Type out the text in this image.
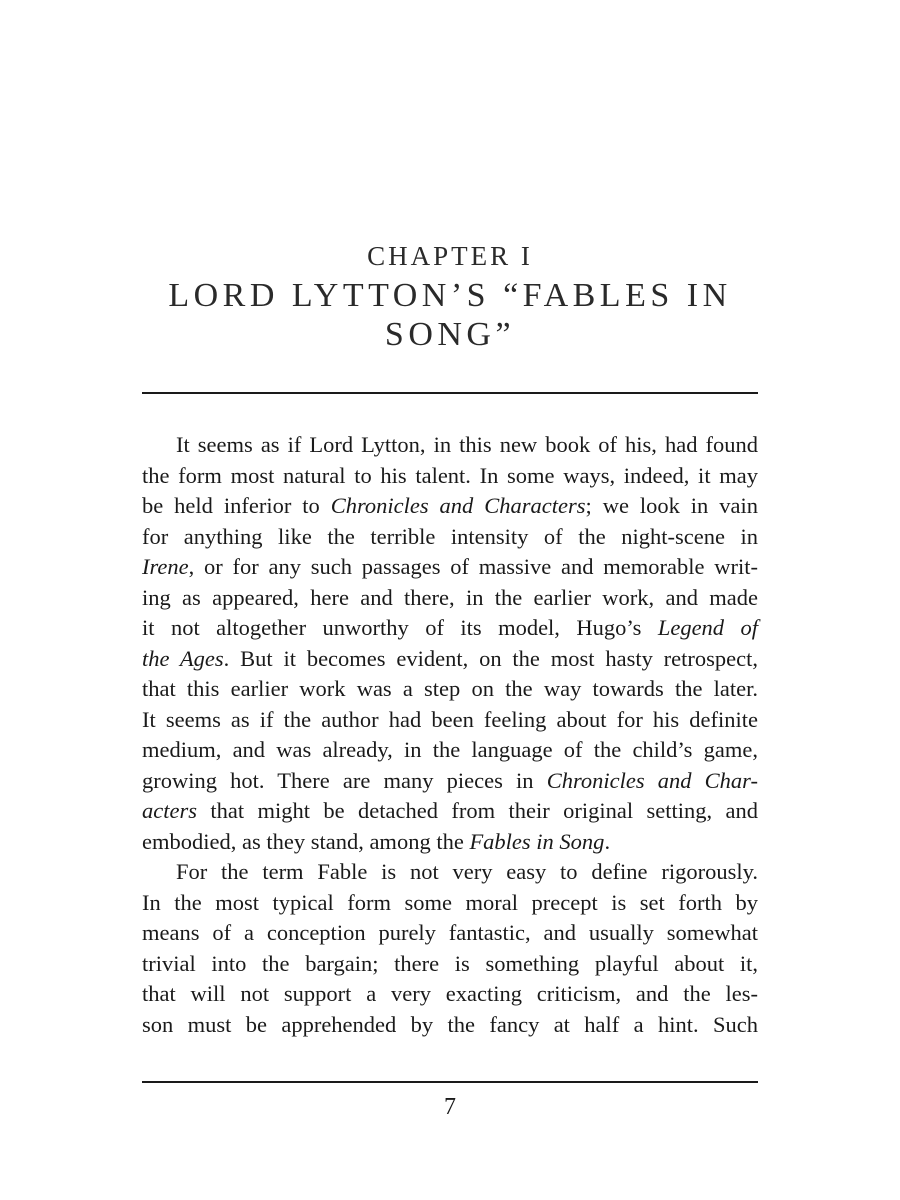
CHAPTER I
LORD LYTTON’S “FABLES IN
SONG”
It seems as if Lord Lytton, in this new book of his, had found
the form most natural to his talent. In some ways, indeed, it may
be held inferior to Chronicles and Characters; we look in vain
for anything like the terrible intensity of the night-scene in
Irene, or for any such passages of massive and memorable writ-
ing as appeared, here and there, in the earlier work, and made
it not altogether unworthy of its model, Hugo’s Legend of
the Ages. But it becomes evident, on the most hasty retrospect,
that this earlier work was a step on the way towards the later.
It seems as if the author had been feeling about for his definite
medium, and was already, in the language of the child’s game,
growing hot. There are many pieces in Chronicles and Char-
acters that might be detached from their original setting, and
embodied, as they stand, among the Fables in Song.
For the term Fable is not very easy to define rigorously.
In the most typical form some moral precept is set forth by
means of a conception purely fantastic, and usually somewhat
trivial into the bargain; there is something playful about it,
that will not support a very exacting criticism, and the les-
son must be apprehended by the fancy at half a hint. Such
7
